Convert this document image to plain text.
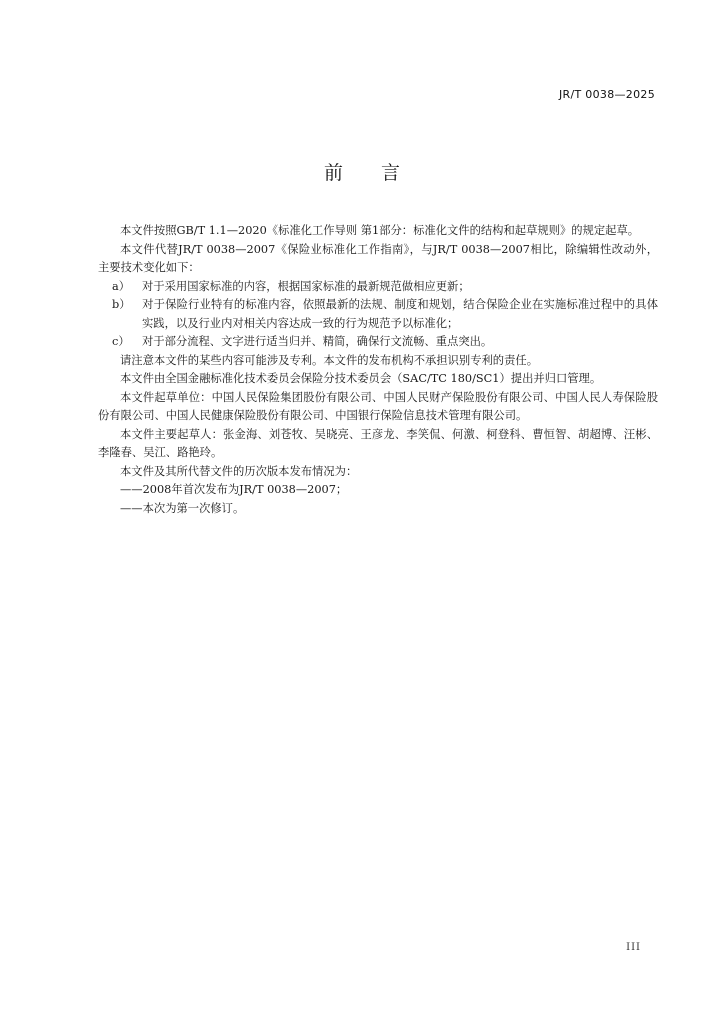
JR/T 0038—2025
前言

本文件按照GB/T 1.1—2020《标准化工作导则 第1部分：标准化文件的结构和起草规则》的规定起草。

本文件代替JR/T 0038—2007《保险业标准化工作指南》，与JR/T 0038—2007相比，除编辑性改动外，主要技术变化如下：

a） 对于采用国家标准的内容，根据国家标准的最新规范做相应更新；

b） 对于保险行业特有的标准内容，依照最新的法规、制度和规划，结合保险企业在实施标准过程中的具体实践，以及行业内对相关内容达成一致的行为规范予以标准化；

c） 对于部分流程、文字进行适当归并、精简，确保行文流畅、重点突出。

请注意本文件的某些内容可能涉及专利。本文件的发布机构不承担识别专利的责任。

本文件由全国金融标准化技术委员会保险分技术委员会（SAC/TC 180/SC1）提出并归口管理。

本文件起草单位：中国人民保险集团股份有限公司、中国人民财产保险股份有限公司、中国人民人寿保险股份有限公司、中国人民健康保险股份有限公司、中国银行保险信息技术管理有限公司。

本文件主要起草人：张金海、刘苍牧、吴晓亮、王彦龙、李笑侃、何激、柯登科、曹恒智、胡超博、汪彬、李隆春、吴江、路艳玲。

本文件及其所代替文件的历次版本发布情况为：

——2008年首次发布为JR/T 0038—2007；

——本次为第一次修订。

III
